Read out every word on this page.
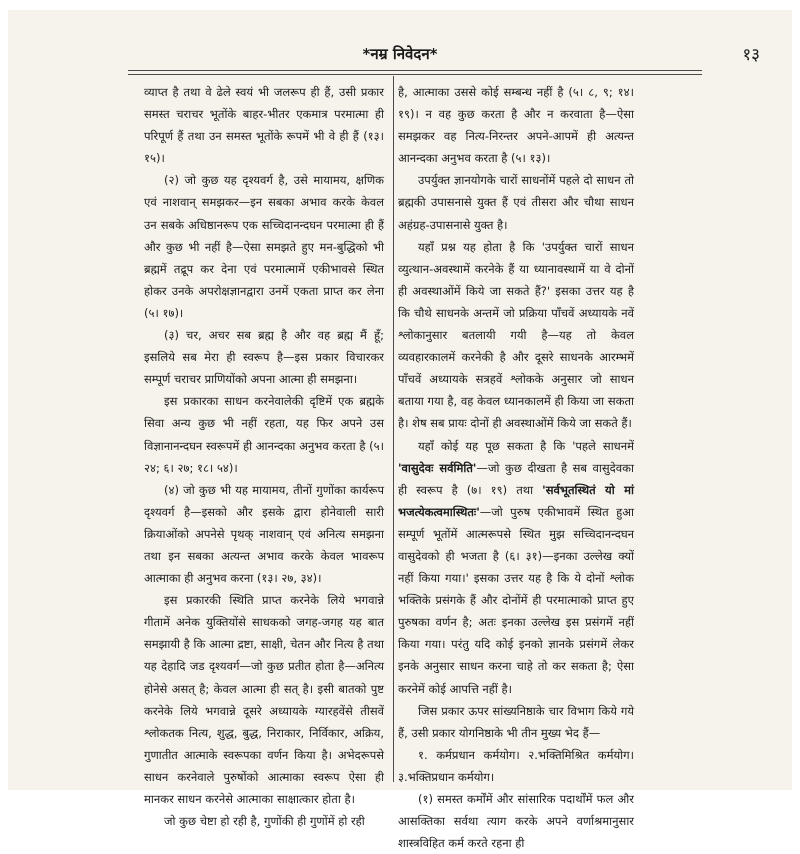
*नम्र निवेदन*	१३

व्याप्त है तथा वे ढेले स्वयं भी जलरूप ही हैं, उसी प्रकार समस्त चराचर भूतोंके बाहर-भीतर एकमात्र परमात्मा ही परिपूर्ण हैं तथा उन समस्त भूतोंके रूपमें भी वे ही हैं (१३। १५)।

(२) जो कुछ यह दृश्यवर्ग है, उसे मायामय, क्षणिक एवं नाशवान् समझकर—इन सबका अभाव करके केवल उन सबके अधिष्ठानरूप एक सच्चिदानन्दघन परमात्मा ही हैं और कुछ भी नहीं है—ऐसा समझते हुए मन-बुद्धिको भी ब्रह्ममें तद्रूप कर देना एवं परमात्मामें एकीभावसे स्थित होकर उनके अपरोक्षज्ञानद्वारा उनमें एकता प्राप्त कर लेना (५। १७)।

(३) चर, अचर सब ब्रह्म है और वह ब्रह्म मैं हूँ; इसलिये सब मेरा ही स्वरूप है—इस प्रकार विचारकर सम्पूर्ण चराचर प्राणियोंको अपना आत्मा ही समझना।

इस प्रकारका साधन करनेवालेकी दृष्टिमें एक ब्रह्मके सिवा अन्य कुछ भी नहीं रहता, यह फिर अपने उस विज्ञानानन्दघन स्वरूपमें ही आनन्दका अनुभव करता है (५। २४; ६। २७; १८। ५४)।

(४) जो कुछ भी यह मायामय, तीनों गुणोंका कार्यरूप दृश्यवर्ग है—इसको और इसके द्वारा होनेवाली सारी क्रियाओंको अपनेसे पृथक् नाशवान् एवं अनित्य समझना तथा इन सबका अत्यन्त अभाव करके केवल भावरूप आत्माका ही अनुभव करना (१३। २७, ३४)।

इस प्रकारकी स्थिति प्राप्त करनेके लिये भगवान्ने गीतामें अनेक युक्तियोंसे साधकको जगह-जगह यह बात समझायी है कि आत्मा द्रष्टा, साक्षी, चेतन और नित्य है तथा यह देहादि जड दृश्यवर्ग—जो कुछ प्रतीत होता है—अनित्य होनेसे असत् है; केवल आत्मा ही सत् है। इसी बातको पुष्ट करनेके लिये भगवान्ने दूसरे अध्यायके ग्यारहवेंसे तीसवें श्लोकतक नित्य, शुद्ध, बुद्ध, निराकार, निर्विकार, अक्रिय, गुणातीत आत्माके स्वरूपका वर्णन किया है। अभेदरूपसे साधन करनेवाले पुरुषोंको आत्माका स्वरूप ऐसा ही मानकर साधन करनेसे आत्माका साक्षात्कार होता है।

जो कुछ चेष्टा हो रही है, गुणोंकी ही गुणोंमें हो रही

है, आत्माका उससे कोई सम्बन्ध नहीं है (५। ८, ९; १४। १९)। न वह कुछ करता है और न करवाता है—ऐसा समझकर वह नित्य-निरन्तर अपने-आपमें ही अत्यन्त आनन्दका अनुभव करता है (५। १३)।

उपर्युक्त ज्ञानयोगके चारों साधनोंमें पहले दो साधन तो ब्रह्मकी उपासनासे युक्त हैं एवं तीसरा और चौथा साधन अहंग्रह-उपासनासे युक्त है।

यहाँ प्रश्न यह होता है कि 'उपर्युक्त चारों साधन व्युत्थान-अवस्थामें करनेके हैं या ध्यानावस्थामें या वे दोनों ही अवस्थाओंमें किये जा सकते हैं?' इसका उत्तर यह है कि चौथे साधनके अन्तमें जो प्रक्रिया पाँचवें अध्यायके नवें श्लोकानुसार बतलायी गयी है—यह तो केवल व्यवहारकालमें करनेकी है और दूसरे साधनके आरम्भमें पाँचवें अध्यायके सत्रहवें श्लोकके अनुसार जो साधन बताया गया है, वह केवल ध्यानकालमें ही किया जा सकता है। शेष सब प्रायः दोनों ही अवस्थाओंमें किये जा सकते हैं।

यहाँ कोई यह पूछ सकता है कि 'पहले साधनमें 'वासुदेवः सर्वमिति'—जो कुछ दीखता है सब वासुदेवका ही स्वरूप है (७। १९) तथा 'सर्वभूतस्थितं यो मां भजत्येकत्वमास्थितः'—जो पुरुष एकीभावमें स्थित हुआ सम्पूर्ण भूतोंमें आत्मरूपसे स्थित मुझ सच्चिदानन्दघन वासुदेवको ही भजता है (६। ३१)—इनका उल्लेख क्यों नहीं किया गया।' इसका उत्तर यह है कि ये दोनों श्लोक भक्तिके प्रसंगके हैं और दोनोंमें ही परमात्माको प्राप्त हुए पुरुषका वर्णन है; अतः इनका उल्लेख इस प्रसंगमें नहीं किया गया। परंतु यदि कोई इनको ज्ञानके प्रसंगमें लेकर इनके अनुसार साधन करना चाहे तो कर सकता है; ऐसा करनेमें कोई आपत्ति नहीं है।

जिस प्रकार ऊपर सांख्यनिष्ठाके चार विभाग किये गये हैं, उसी प्रकार योगनिष्ठाके भी तीन मुख्य भेद हैं—

१. कर्मप्रधान कर्मयोग। २.भक्तिमिश्रित कर्मयोग। ३.भक्तिप्रधान कर्मयोग।

(१) समस्त कर्मोंमें और सांसारिक पदार्थोंमें फल और आसक्तिका सर्वथा त्याग करके अपने वर्णाश्रमानुसार शास्त्रविहित कर्म करते रहना ही
